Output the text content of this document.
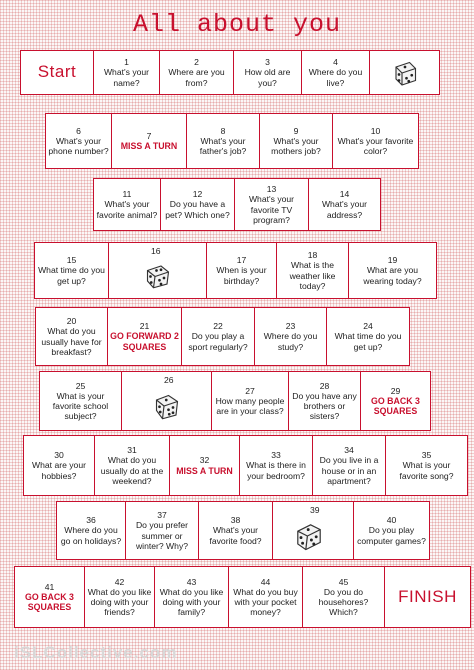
All about you
Start
1
What's your name?
2
Where are you from?
3
How old are you?
4
Where do you live?
6
What's your phone number?
7
MISS A TURN
8
What's your father's job?
9
What's your mothers job?
10
What's your favorite color?
11
What's your favorite animal?
12
Do you have a pet? Which one?
13
What's your favorite TV program?
14
What's your address?
15
What time do you get up?
16
17
When is your birthday?
18
What is the weather like today?
19
What are you wearing today?
20
What do you usually have for breakfast?
21
GO FORWARD 2 SQUARES
22
Do you play a sport regularly?
23
Where do you study?
24
What time do you get up?
25
What is your favorite school subject?
26
27
How many people are in your class?
28
Do you have any brothers or sisters?
29
GO BACK 3 SQUARES
30
What are your hobbies?
31
What do you usually do at the weekend?
32
MISS A TURN
33
What is there in your bedroom?
34
Do you live in a house or in an apartment?
35
What is your favorite song?
36
Where do you go on holidays?
37
Do you prefer summer or winter? Why?
38
What's your favorite food?
39
40
Do you play computer games?
41
GO BACK 3 SQUARES
42
What do you like doing with your friends?
43
What do you like doing with your family?
44
What do you buy with your pocket money?
45
Do you do househores? Which?
FINISH

iSLCollective.com
